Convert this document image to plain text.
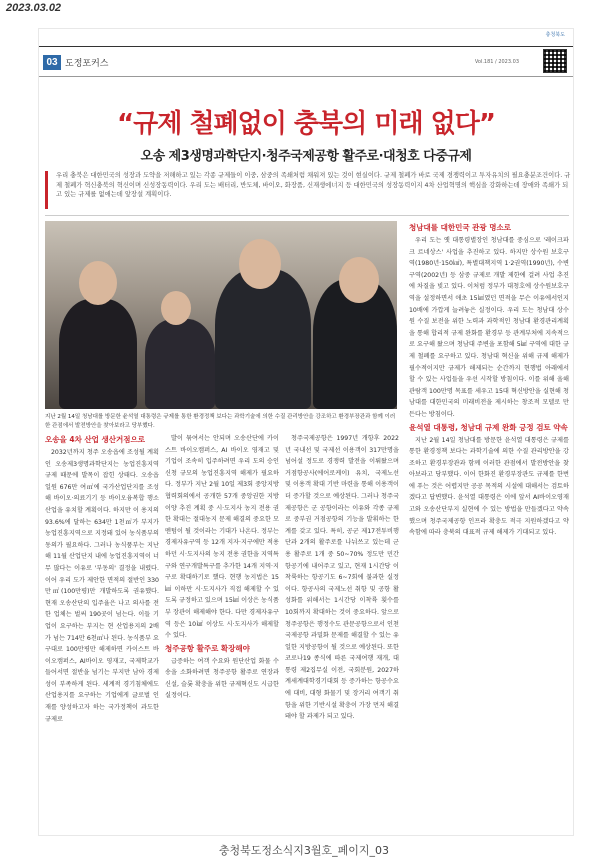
2023.03.02
충청북도
03 도정포커스	Vol.181 / 2023.03
“규제 철폐없이 충북의 미래 없다”
오송 제3생명과학단지·청주국제공항 활주로·대청호 다중규제
우리 충북은 대한민국의 성장과 도약을 저해하고 있는 각종 규제들이 이중, 삼중의 족쇄처럼 채워져 있는 것이 현실이다. 규제 철폐가 바로 국제 경쟁력이고 투자유치의 필요충분조건이다. 규제 철폐가 혁신충북의 혁신이며 신성장동력이다. 우리 도는 배터리, 반도체, 바이오, 화장품, 신재생에너지 등 대한민국의 성장동력이지 4차 산업혁명의 핵심을 강화하는데 장애와 족쇄가 되고 있는 규제를 없애는데 앞장설 계획이다.
지난 2월 14일 청남대를 방문한 윤석열 대통령은 규제를 통한 환경정책 보다는 과학기술에 의한 수질 관리방안을 강조하고 환경부장관과 함께 이러한 관점에서 발전방안을 찾아보라고 당부했다.
오송을 4차 산업 생산거점으로

2032년까지 청주 오송읍에 조성될 계획인 오송제3생명과학단지는 농업진흥지역 규제 때문에 발목이 잡힌 상태다. 오송읍 일원 676만 여㎡에 국가산업단지를 조성해 바이오·의료기기 등 바이오융복합 행소산업을 유치할 계획이다. 하지만 이 용지의 93.6%에 달하는 634만 1천㎡가 부지가 농업진흥지역으로 지정돼 있어 농식품부의 동의가 필요하다. 그러나 농식품부는 지난해 11월 산업단지 내에 농업진흥지역이 너무 많다는 이유로 '부동의' 결정을 내렸다. 이어 우리 도가 제안한 면적의 절반인 330만㎡(100만평)만 개발하도록 권유했다. 현재 오송산단의 입주율은 나고 의사를 전한 업체는 벌써 190곳이 넘는다. 이들 기업이 요구하는 부지는 현 산업용지의 2배가 넘는 714만 6천㎡나 된다. 농식품부 요구대로 100만평만 해제하면 카이스트 바이오캠퍼스, AI바이오 영재고, 국제학교가 들어서면 절반을 넘기는 부지만 남아 경제성이 부족하게 된다. 세계적 경기침체에도 산업용지를 요구하는 기업에게 글로벌 인재를 양성하고자 하는 국가정책이 과도한 규제로

발이 묶여서는 안되며 오송산단에 카이스트 바이오캠퍼스, AI 바이오 영재고 및 기업이 조속히 입주하려면 우리 도의 승인신청 규모의 농업진흥지역 해제가 필요하다. 정부가 지난 2월 10일 제3회 중앙지방협력회의에서 공개한 57개 중앙권한 지방이양 추진 계획 중 시·도지사 농지 전용 권한 확대는 절대농지 문제 해결의 중요한 모멘텀이 될 것이라는 기대가 나온다. 정부는 경제자유구역 등 12개 지자·지구에만 적용하던 시·도지사의 농지 전용 권한을 지역특구와 연구개발특구를 추가한 14개 지역·지구로 확대하기로 했다. 현행 농지법은 15㎢ 이하만 시·도지사가 직접 해제할 수 있도록 규정하고 있으며 15㎢ 이상은 농식품부 장관이 해제해야 한다. 다만 경제자유구역 등은 10㎢ 이상도 시·도지사가 해제할 수 있다.

청주공항 활주로 확장해야

급증하는 여객 수요와 원단산업 화물 수송을 소화하려면 청주공항 활주로 연장과 신설, 슬롯 확충을 위한 규제혁신도 시급한 실정이다.

청주국제공항은 1997년 개항후 2022년 국내선 및 국제선 이용객이 317만명을 넘어설 정도로 경쟁력 발전을 이뤄왔으며 거점항공사(에어로케이) 유치, 국제노선 및 이용객 확대 기반 마련을 통해 이용객이 더 증가할 것으로 예상된다. 그러나 청주국제공항은 군 공항이라는 이유와 각종 규제로 중부권 거점공항의 기능을 발휘하는 한계를 갖고 있다. 특히, 공군 제17전투비행단과 2개의 활주로를 나눠쓰고 있는데 군용 활주로 1개 중 50~70% 정도만 민간항공기에 내어주고 있고, 현재 1시간당 이착륙하는 항공기도 6~7회에 불과한 실정이다. 항공사의 국제노선 취항 및 공항 활성화를 위해서는 1시간당 이착륙 횟수를 10회까지 확대하는 것이 중요하다. 앞으로 청주공항은 행정수도 관문공항으로서 인천국제공항 과밀화 문제를 해결할 수 있는 유일한 지방공항이 될 것으로 예상된다. 또한 코로나19 종식에 따른 국제여행 재개, 대통령 제2집무실 이전, 국회분원, 2027하계세계대학경기대회 등 증가하는 항공수요에 대비, 대형 화물기 및 장거리 여객기 취항을 위한 기반시설 확충이 가장 먼저 해결돼야 할 과제가 되고 있다.

청남대를 대한민국 관광 명소로

우리 도는 옛 대통령별장인 청남대를 중심으로 '레이크파크 르네상스' 사업을 추진하고 있다. 하지만 상수원 보호구역(1980년·150㎢), 특별대책지역 1·2권역(1990년), 수변구역(2002년) 등 삼중 규제로 개발 제한에 걸려 사업 추진에 차질을 빚고 있다. 이처럼 정부가 대청호에 상수원보호구역을 설정하면서 애초 15㎢였던 면적을 무슨 이유에서인지 10배에 가깝게 늘려놓은 실정이다. 우리 도는 청남대 상수원 수질 보전을 위한 노력과 과학적인 청남대 환경관리계획을 통해 합리적 규제 완화를 환경부 등 관계부처에 지속적으로 요구해 왔으며 청남대 주변을 포함해 5㎢ 구역에 대한 규제 철폐를 요구하고 있다. 청남대 혁신을 위해 규제 해제가 필수적이지만 규제가 해제되는 순간까지 현행법 아래에서 할 수 있는 사업들을 우선 시작할 방침이다. 이를 위해 올해 관람객 100만명 목표를 세우고 15대 혁신방안을 실현해 청남대를 대한민국의 미래비전을 제시하는 창조적 모델로 만든다는 방침이다.

윤석열 대통령, 청남대 규제 완화 긍정 검토 약속

지난 2월 14일 청남대를 방문한 윤석열 대통령은 규제를 통한 환경정책 보다는 과학기술에 의한 수질 관리방안을 강조하고 환경부장관과 함께 이러한 관점에서 발전방안을 찾아보라고 당부했다. 이어 한화진 환경부장관도 규제를 한번에 푸는 것은 어렵지만 공공 목적의 시설에 대해서는 검토하겠다고 답변했다. 윤석열 대통령은 이에 앞서 AI바이오영재고와 오송산단부지 실현에 수 있는 방법을 만들겠다고 약속했으며 청주국제공항 인프라 확충도 적극 지원하겠다고 약속함에 따라 충북의 대표적 규제 해제가 기대되고 있다.

충청북도정소식지3월호_페이지_03
